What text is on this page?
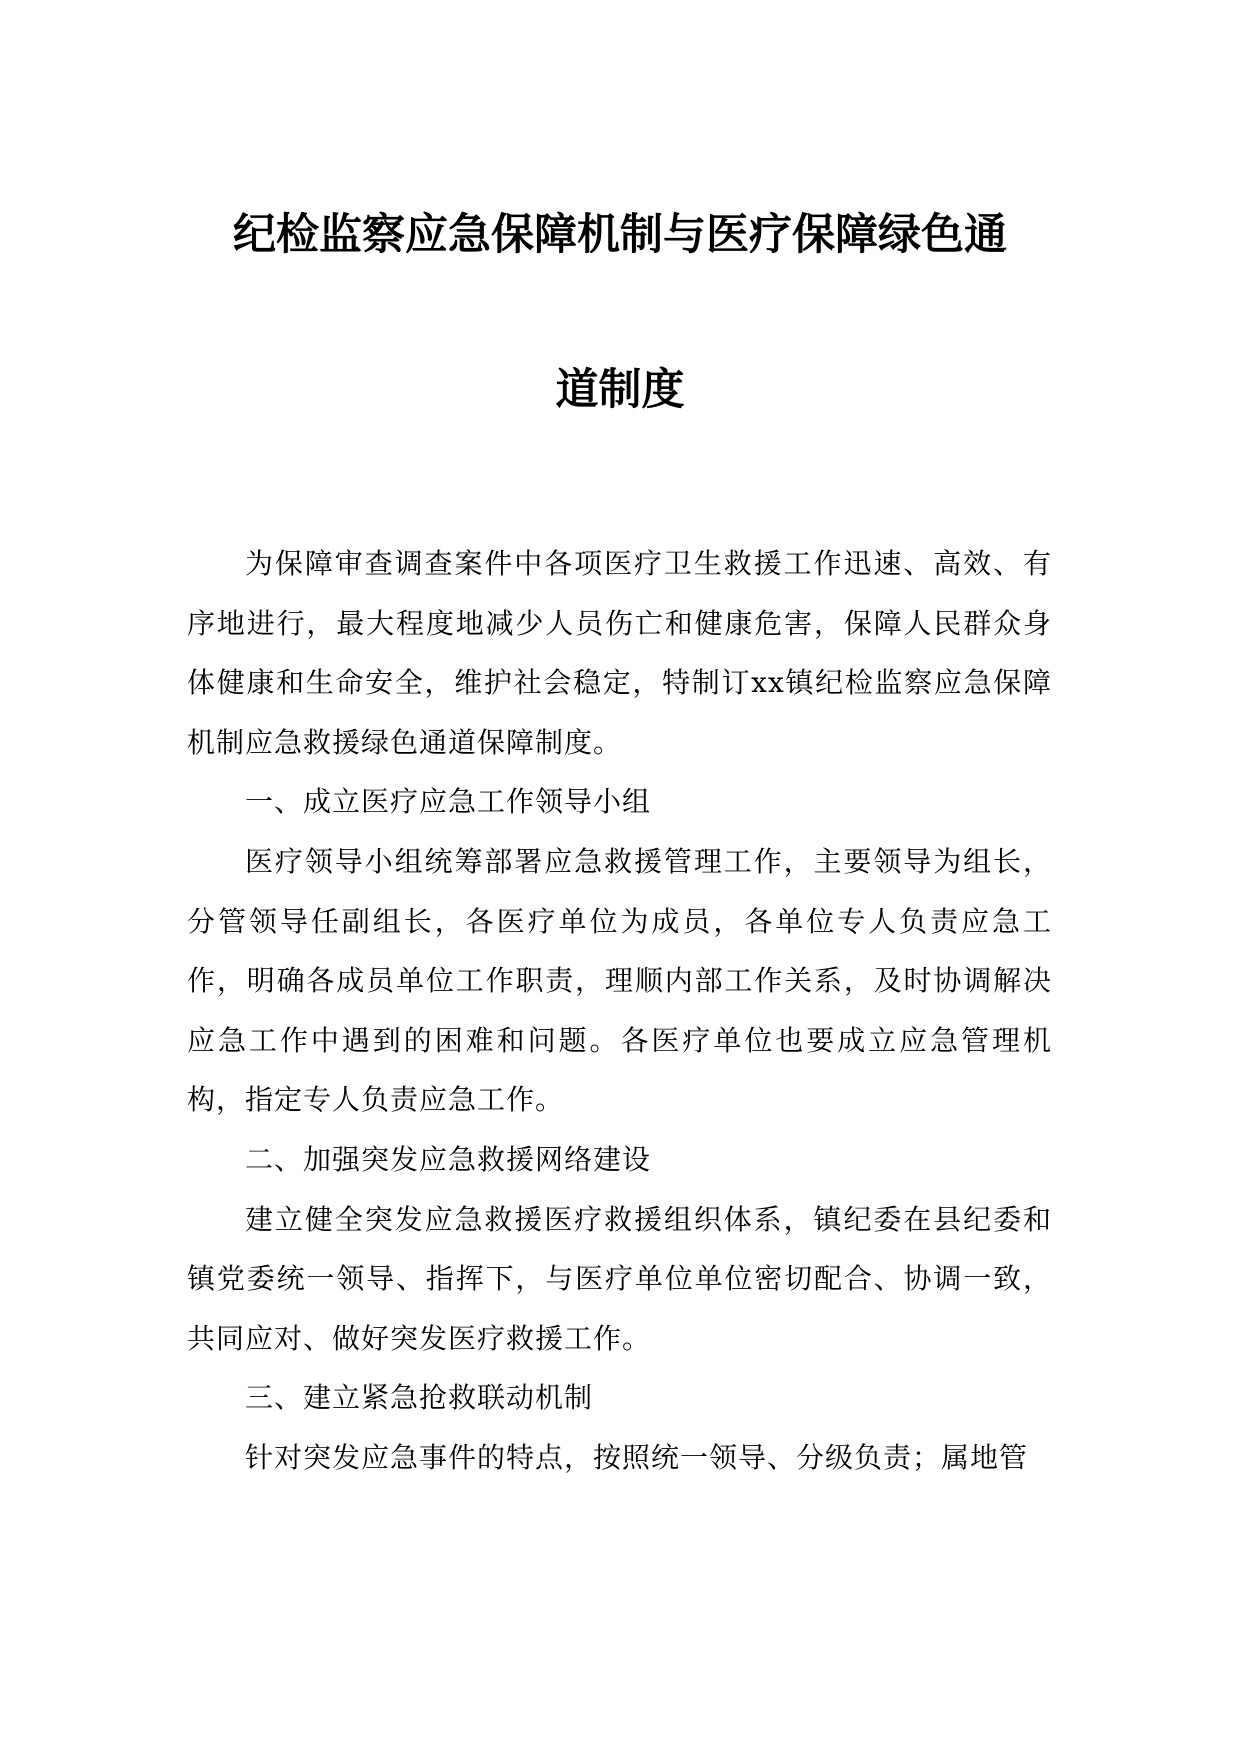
纪检监察应急保障机制与医疗保障绿色通
道制度

为保障审查调查案件中各项医疗卫生救援工作迅速、高效、有序地进行，最大程度地减少人员伤亡和健康危害，保障人民群众身体健康和生命安全，维护社会稳定，特制订xx镇纪检监察应急保障机制应急救援绿色通道保障制度。

一、成立医疗应急工作领导小组

医疗领导小组统筹部署应急救援管理工作，主要领导为组长，分管领导任副组长，各医疗单位为成员，各单位专人负责应急工作，明确各成员单位工作职责，理顺内部工作关系，及时协调解决应急工作中遇到的困难和问题。各医疗单位也要成立应急管理机构，指定专人负责应急工作。

二、加强突发应急救援网络建设

建立健全突发应急救援医疗救援组织体系，镇纪委在县纪委和镇党委统一领导、指挥下，与医疗单位单位密切配合、协调一致，共同应对、做好突发医疗救援工作。

三、建立紧急抢救联动机制

针对突发应急事件的特点，按照统一领导、分级负责；属地管
